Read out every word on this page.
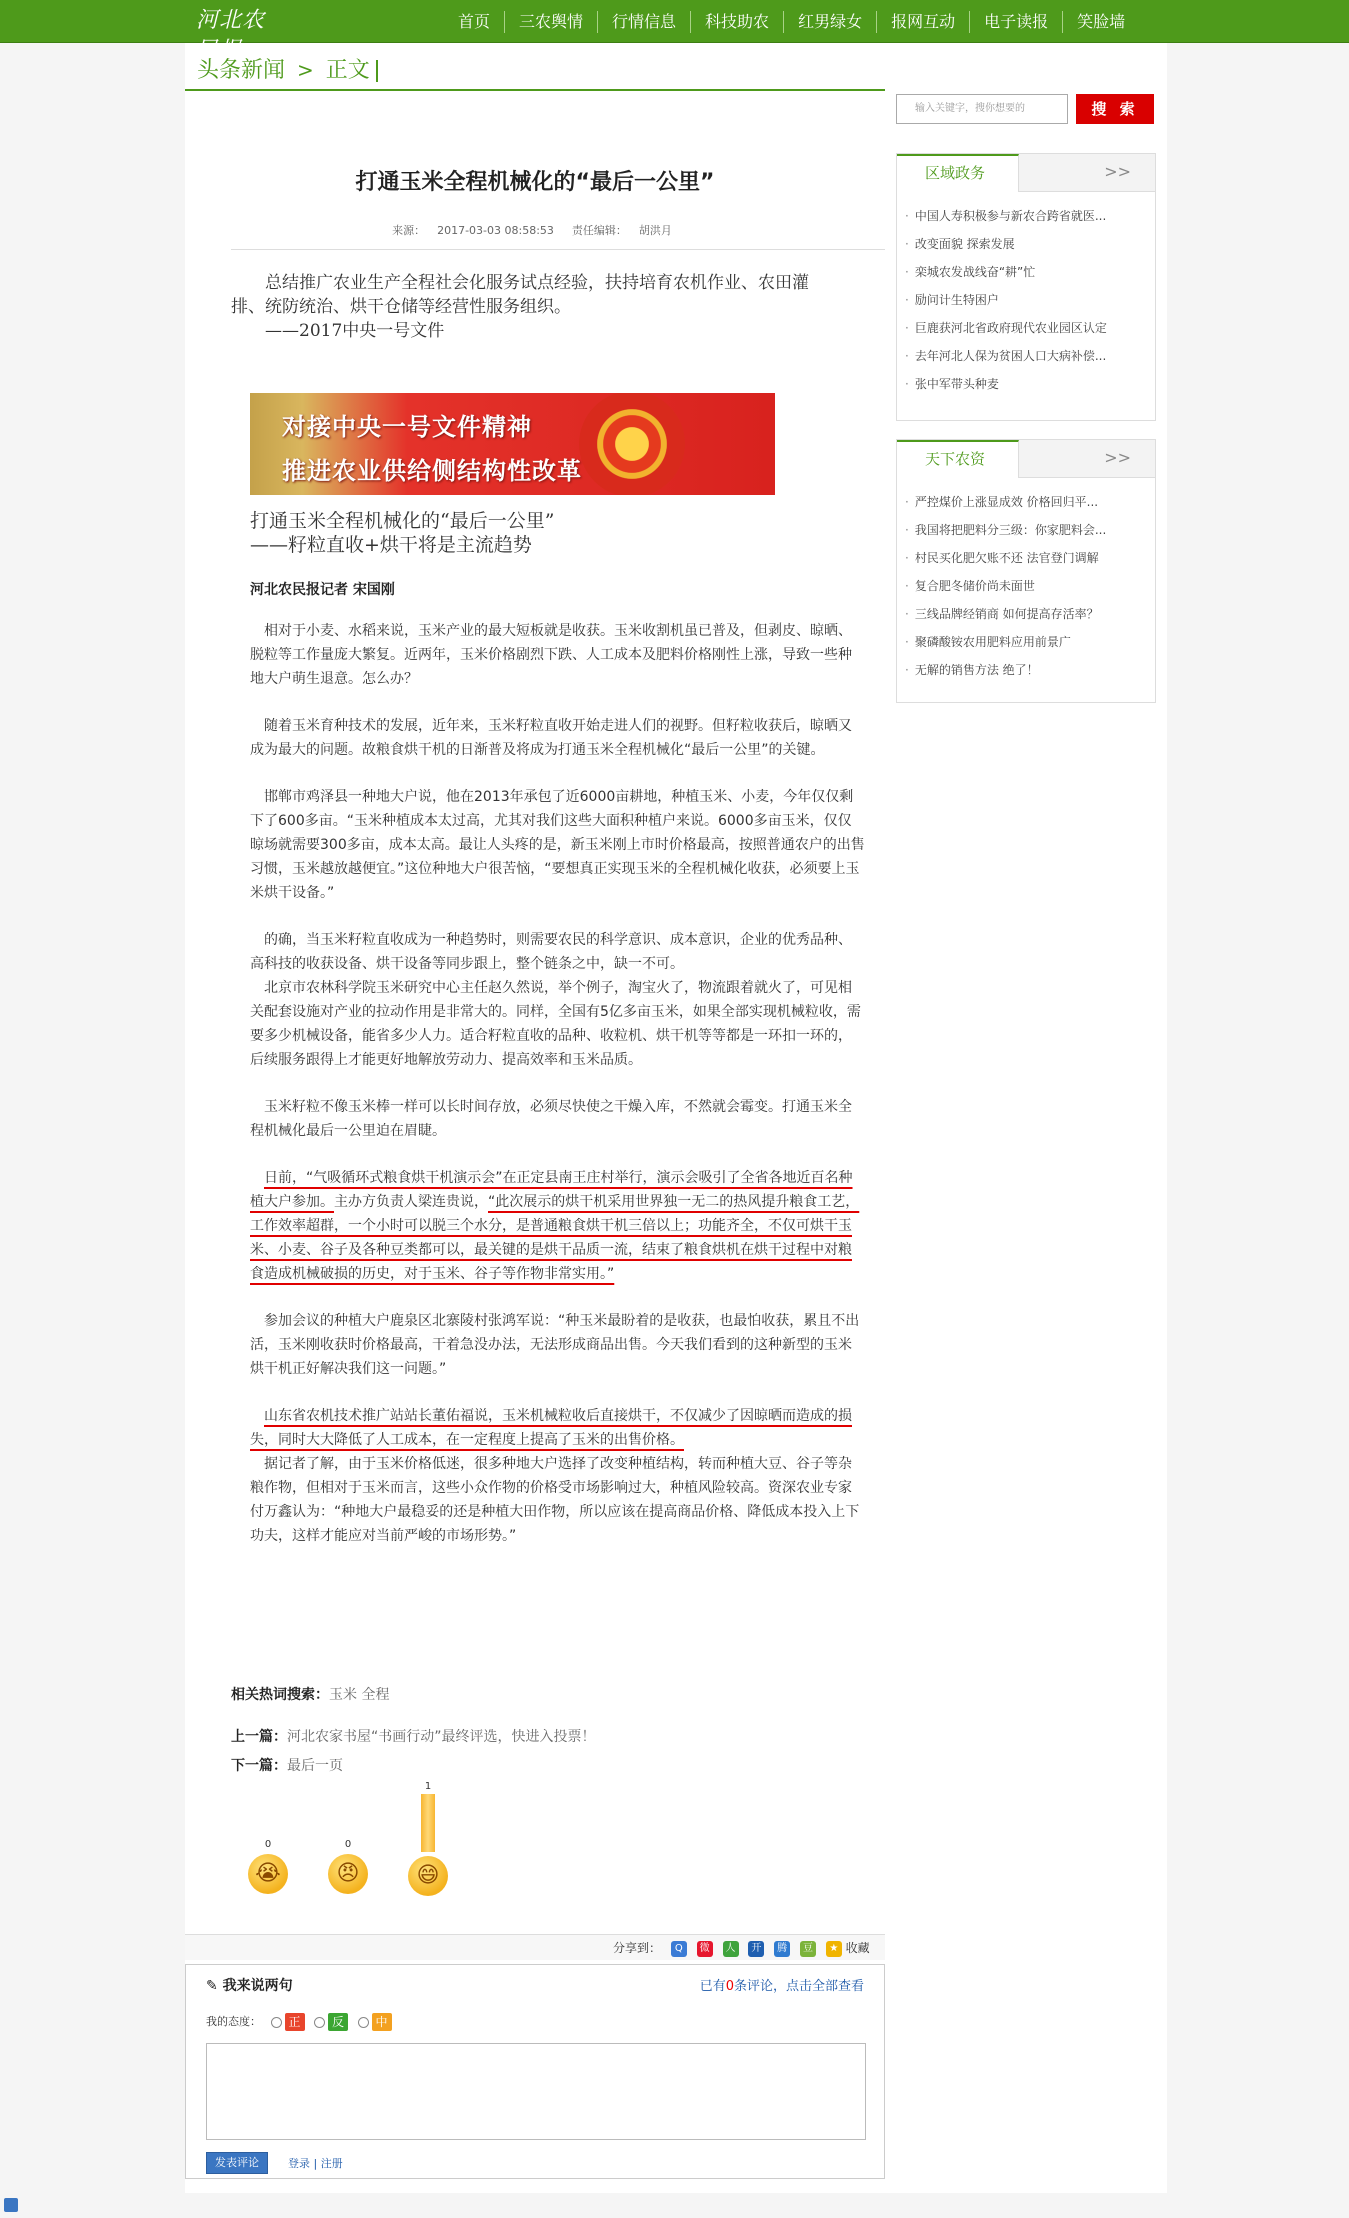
河北农	首页	三农舆情	行情信息	科技助农	红男绿女	报网互动	电子读报	笑脸墙
头条新闻 > 正文
打通玉米全程机械化的“最后一公里”
来源： 2017-03-03 08:58:53 责任编辑： 胡洪月

总结推广农业生产全程社会化服务试点经验，扶持培育农机作业、农田灌排、统防统治、烘干仓储等经营性服务组织。

——2017中央一号文件

对接中央一号文件精神
推进农业供给侧结构性改革
打通玉米全程机械化的“最后一公里”
——籽粒直收+烘干将是主流趋势
河北农民报记者 宋国刚

相对于小麦、水稻来说，玉米产业的最大短板就是收获。玉米收割机虽已普及，但剥皮、晾晒、脱粒等工作量庞大繁复。近两年，玉米价格剧烈下跌、人工成本及肥料价格刚性上涨，导致一些种地大户萌生退意。怎么办？

随着玉米育种技术的发展，近年来，玉米籽粒直收开始走进人们的视野。但籽粒收获后，晾晒又成为最大的问题。故粮食烘干机的日渐普及将成为打通玉米全程机械化“最后一公里”的关键。

邯郸市鸡泽县一种地大户说，他在2013年承包了近6000亩耕地，种植玉米、小麦，今年仅仅剩下了600多亩。“玉米种植成本太过高，尤其对我们这些大面积种植户来说。6000多亩玉米，仅仅晾场就需要300多亩，成本太高。最让人头疼的是，新玉米刚上市时价格最高，按照普通农户的出售习惯，玉米越放越便宜。”这位种地大户很苦恼，“要想真正实现玉米的全程机械化收获，必须要上玉米烘干设备。”

的确，当玉米籽粒直收成为一种趋势时，则需要农民的科学意识、成本意识，企业的优秀品种、高科技的收获设备、烘干设备等同步跟上，整个链条之中，缺一不可。

北京市农林科学院玉米研究中心主任赵久然说，举个例子，淘宝火了，物流跟着就火了，可见相关配套设施对产业的拉动作用是非常大的。同样，全国有5亿多亩玉米，如果全部实现机械粒收，需要多少机械设备，能省多少人力。适合籽粒直收的品种、收粒机、烘干机等等都是一环扣一环的，后续服务跟得上才能更好地解放劳动力、提高效率和玉米品质。

玉米籽粒不像玉米棒一样可以长时间存放，必须尽快使之干燥入库，不然就会霉变。打通玉米全程机械化最后一公里迫在眉睫。

日前，“气吸循环式粮食烘干机演示会”在正定县南王庄村举行，演示会吸引了全省各地近百名种植大户参加。主办方负责人梁连贵说，“此次展示的烘干机采用世界独一无二的热风提升粮食工艺，工作效率超群，一个小时可以脱三个水分，是普通粮食烘干机三倍以上；功能齐全，不仅可烘干玉米、小麦、谷子及各种豆类都可以，最关键的是烘干品质一流，结束了粮食烘机在烘干过程中对粮食造成机械破损的历史，对于玉米、谷子等作物非常实用。”

参加会议的种植大户鹿泉区北寨陵村张鸿军说：“种玉米最盼着的是收获，也最怕收获，累且不出活，玉米刚收获时价格最高，干着急没办法，无法形成商品出售。今天我们看到的这种新型的玉米烘干机正好解决我们这一问题。”

山东省农机技术推广站站长董佑福说，玉米机械粒收后直接烘干，不仅减少了因晾晒而造成的损失，同时大大降低了人工成本，在一定程度上提高了玉米的出售价格。

据记者了解，由于玉米价格低迷，很多种地大户选择了改变种植结构，转而种植大豆、谷子等杂粮作物，但相对于玉米而言，这些小众作物的价格受市场影响过大，种植风险较高。资深农业专家付万鑫认为：“种地大户最稳妥的还是种植大田作物，所以应该在提高商品价格、降低成本投入上下功夫，这样才能应对当前严峻的市场形势。”

相关热词搜索：玉米 全程
上一篇：河北农家书屋“书画行动”最终评选，快进入投票！
下一篇：最后一页
0
😭
0
😠
1
😄
分享到： Q 微 人 开 腾 豆 ★ 收藏
✎ 我来说两句	已有0条评论，点击全部查看
我的态度： 正	反	中
发表评论	登录 | 注册
输入关键字，搜你想要的	搜 索
区域政务	>>
· 中国人寿积极参与新农合跨省就医...
· 改变面貌 探索发展
· 栾城农发战线奋“耕”忙
· 励问计生特困户
· 巨鹿获河北省政府现代农业园区认定
· 去年河北人保为贫困人口大病补偿...
· 张中军带头种麦
天下农资	>>
· 严控煤价上涨显成效 价格回归平...
· 我国将把肥料分三级：你家肥料会...
· 村民买化肥欠账不还 法官登门调解
· 复合肥冬储价尚未面世
· 三线品牌经销商 如何提高存活率？
· 聚磷酸铵农用肥料应用前景广
· 无解的销售方法 绝了！
